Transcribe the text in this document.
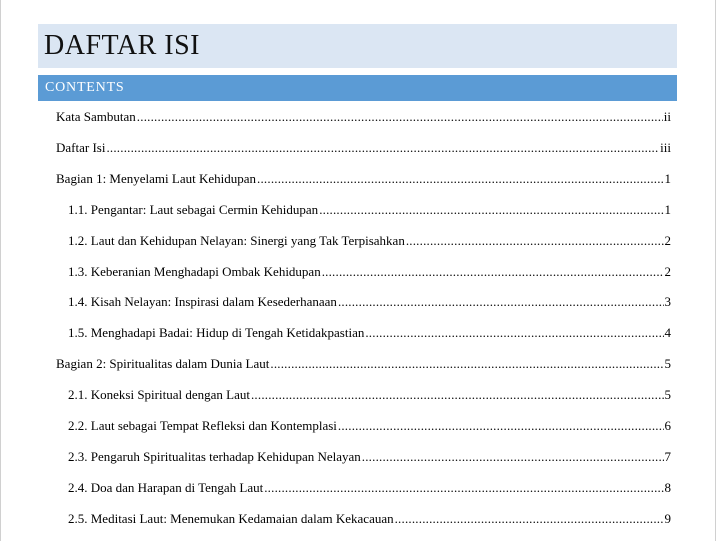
DAFTAR ISI
CONTENTS
Kata Sambutan .....	ii
Daftar Isi .....	iii
Bagian 1: Menyelami Laut Kehidupan .....	1
1.1. Pengantar: Laut sebagai Cermin Kehidupan .....	1
1.2. Laut dan Kehidupan Nelayan: Sinergi yang Tak Terpisahkan .....	2
1.3. Keberanian Menghadapi Ombak Kehidupan .....	2
1.4. Kisah Nelayan: Inspirasi dalam Kesederhanaan .....	3
1.5. Menghadapi Badai: Hidup di Tengah Ketidakpastian .....	4
Bagian 2: Spiritualitas dalam Dunia Laut .....	5
2.1. Koneksi Spiritual dengan Laut .....	5
2.2. Laut sebagai Tempat Refleksi dan Kontemplasi .....	6
2.3. Pengaruh Spiritualitas terhadap Kehidupan Nelayan .....	7
2.4. Doa dan Harapan di Tengah Laut .....	8
2.5. Meditasi Laut: Menemukan Kedamaian dalam Kekacauan .....	9
